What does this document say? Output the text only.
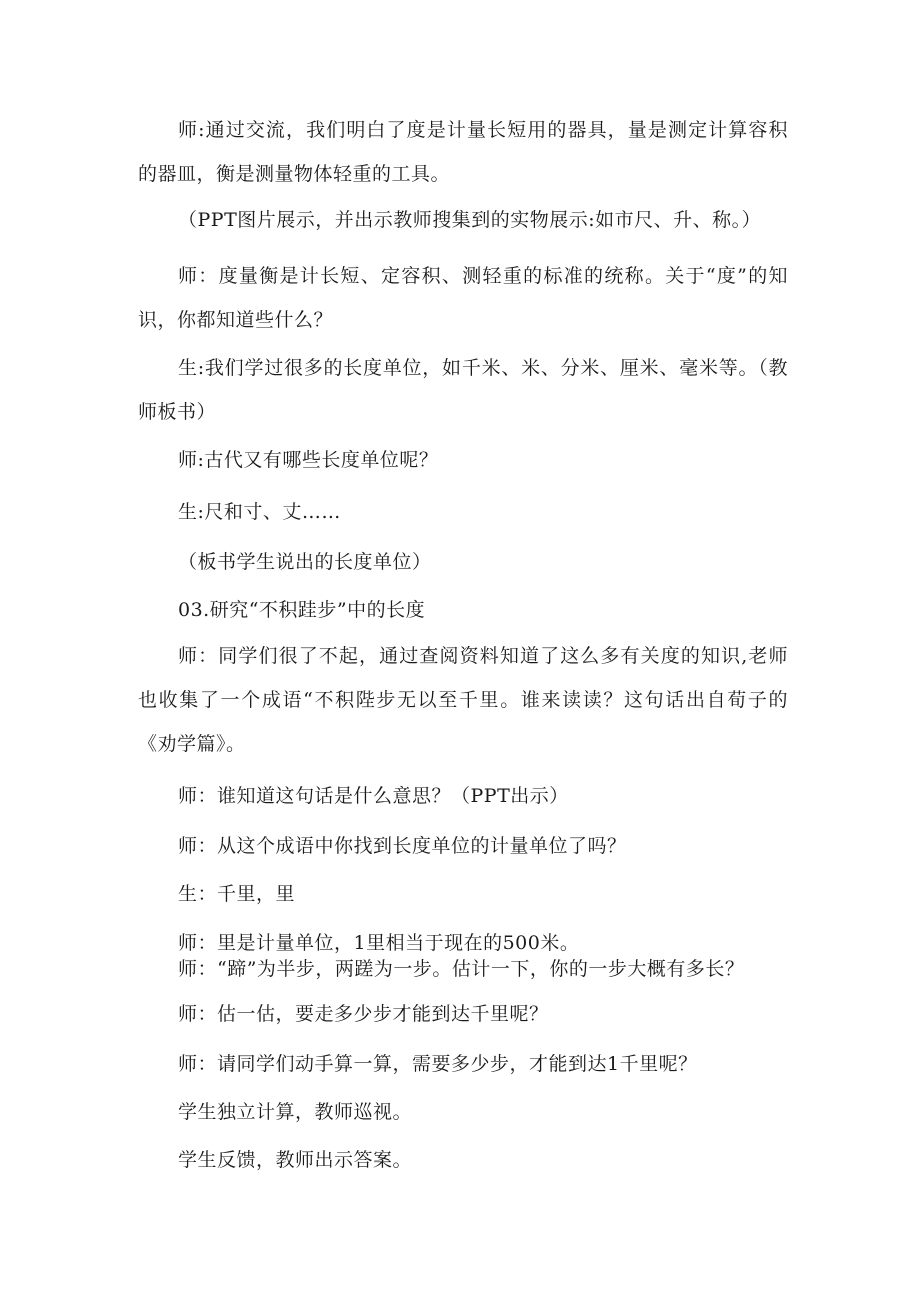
师:通过交流，我们明白了度是计量长短用的器具，量是测定计算容积的器皿，衡是测量物体轻重的工具。

（PPT图片展示，并出示教师搜集到的实物展示:如市尺、升、称。）

师：度量衡是计长短、定容积、测轻重的标准的统称。关于“度”的知识，你都知道些什么？

生:我们学过很多的长度单位，如千米、米、分米、厘米、毫米等。（教师板书）

师:古代又有哪些长度单位呢？

生:尺和寸、丈……

（板书学生说出的长度单位）

03.研究“不积跬步”中的长度

师：同学们很了不起，通过查阅资料知道了这么多有关度的知识,老师也收集了一个成语“不积陛步无以至千里。谁来读读？这句话出自荀子的《劝学篇》。

师：谁知道这句话是什么意思？（PPT出示）

师：从这个成语中你找到长度单位的计量单位了吗？

生：千里，里

师：里是计量单位，1里相当于现在的500米。

师：“蹄”为半步，两蹉为一步。估计一下，你的一步大概有多长？

师：估一估，要走多少步才能到达千里呢？

师：请同学们动手算一算，需要多少步，才能到达1千里呢？

学生独立计算，教师巡视。

学生反馈，教师出示答案。
